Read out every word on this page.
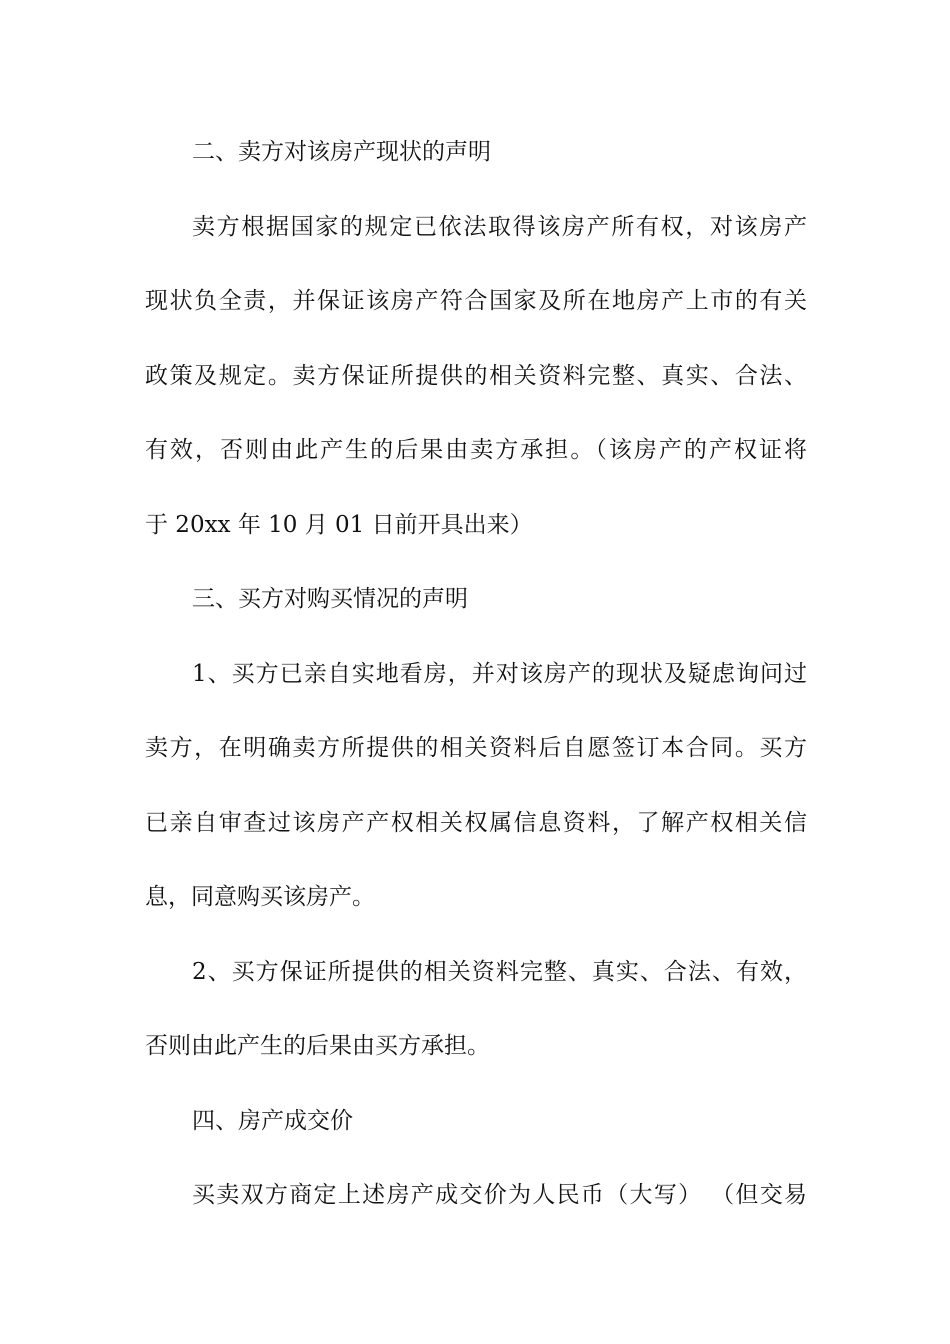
二、卖方对该房产现状的声明
卖方根据国家的规定已依法取得该房产所有权，对该房产
现状负全责，并保证该房产符合国家及所在地房产上市的有关
政策及规定。卖方保证所提供的相关资料完整、真实、合法、
有效，否则由此产生的后果由卖方承担。（该房产的产权证将
于 20xx 年 10 月 01 日前开具出来）
三、买方对购买情况的声明
1、买方已亲自实地看房，并对该房产的现状及疑虑询问过
卖方，在明确卖方所提供的相关资料后自愿签订本合同。买方
已亲自审查过该房产产权相关权属信息资料，了解产权相关信
息，同意购买该房产。
2、买方保证所提供的相关资料完整、真实、合法、有效，
否则由此产生的后果由买方承担。
四、房产成交价
买卖双方商定上述房产成交价为人民币（大写） （但交易
